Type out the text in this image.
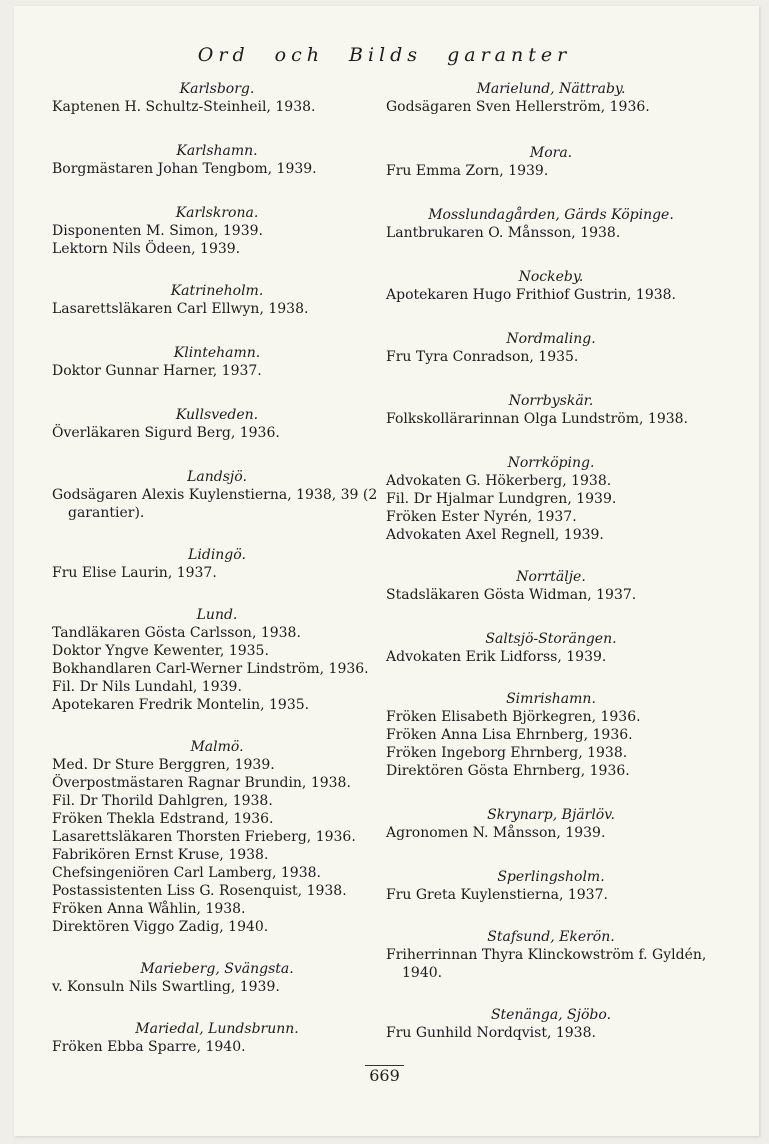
Ord och Bilds garanter
Karlsborg.
Kaptenen H. Schultz-Steinheil, 1938.
Karlshamn.
Borgmästaren Johan Tengbom, 1939.
Karlskrona.
Disponenten M. Simon, 1939.
Lektorn Nils Ödeen, 1939.
Katrineholm.
Lasarettsläkaren Carl Ellwyn, 1938.
Klintehamn.
Doktor Gunnar Harner, 1937.
Kullsveden.
Överläkaren Sigurd Berg, 1936.
Landsjö.
Godsägaren Alexis Kuylenstierna, 1938, 39 (2 garantier).
Lidingö.
Fru Elise Laurin, 1937.
Lund.
Tandläkaren Gösta Carlsson, 1938.
Doktor Yngve Kewenter, 1935.
Bokhandlaren Carl-Werner Lindström, 1936.
Fil. Dr Nils Lundahl, 1939.
Apotekaren Fredrik Montelin, 1935.
Malmö.
Med. Dr Sture Berggren, 1939.
Överpostmästaren Ragnar Brundin, 1938.
Fil. Dr Thorild Dahlgren, 1938.
Fröken Thekla Edstrand, 1936.
Lasarettsläkaren Thorsten Frieberg, 1936.
Fabrikören Ernst Kruse, 1938.
Chefsingeniören Carl Lamberg, 1938.
Postassistenten Liss G. Rosenquist, 1938.
Fröken Anna Wåhlin, 1938.
Direktören Viggo Zadig, 1940.
Marieberg, Svängsta.
v. Konsuln Nils Swartling, 1939.
Mariedal, Lundsbrunn.
Fröken Ebba Sparre, 1940.
Marielund, Nättraby.
Godsägaren Sven Hellerström, 1936.
Mora.
Fru Emma Zorn, 1939.
Mosslundagården, Gärds Köpinge.
Lantbrukaren O. Månsson, 1938.
Nockeby.
Apotekaren Hugo Frithiof Gustrin, 1938.
Nordmaling.
Fru Tyra Conradson, 1935.
Norrbyskär.
Folkskollärarinnan Olga Lundström, 1938.
Norrköping.
Advokaten G. Hökerberg, 1938.
Fil. Dr Hjalmar Lundgren, 1939.
Fröken Ester Nyrén, 1937.
Advokaten Axel Regnell, 1939.
Norrtälje.
Stadsläkaren Gösta Widman, 1937.
Saltsjö-Storängen.
Advokaten Erik Lidforss, 1939.
Simrishamn.
Fröken Elisabeth Björkegren, 1936.
Fröken Anna Lisa Ehrnberg, 1936.
Fröken Ingeborg Ehrnberg, 1938.
Direktören Gösta Ehrnberg, 1936.
Skrynarp, Bjärlöv.
Agronomen N. Månsson, 1939.
Sperlingsholm.
Fru Greta Kuylenstierna, 1937.
Stafsund, Ekerön.
Friherrinnan Thyra Klinckowström f. Gyldén, 1940.
Stenänga, Sjöbo.
Fru Gunhild Nordqvist, 1938.
669
